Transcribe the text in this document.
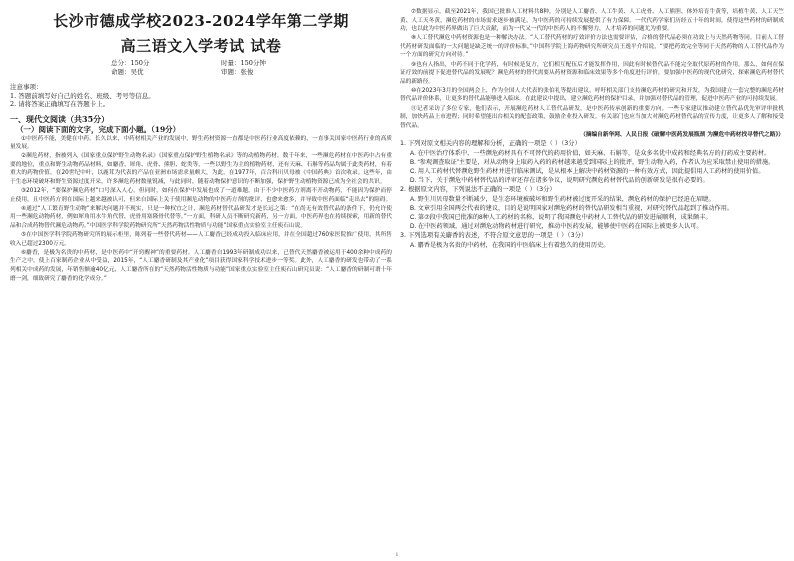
长沙市德成学校2023-2024学年第二学期
高三语文入学考试 试卷
总分：150分	时量：150分钟
命题：吴优	审题：张俊
注意事项：
1. 答题前填写好自己的姓名、班级、考号等信息。
2. 请将答案正确填写在答题卡上。
一、现代文阅读（共35分）
（一）阅读下面的文字，完成下面小题。（19分）

①中医药不能，美健在中药。长久以来，中药材相关产业的发展中，野生药材资源一直都是中医药行业高度依赖的，一直事关国家中医药行业的高质量发展。

②濒危药材，指被列入《国家重点保护野生动物名录》《国家重点保护野生植物名录》等的动植物药材。数千年来，一些濒危药材在中医药中占有重要的地位，重点和野生动物药品材料，如麝香、犀角、虎骨、熊胆、蛇类等，一些以野生为主的植物药材，还有天麻、石斛等药品均属于此类药材，有着重大的药物价值。在20世纪中叶，以鹿茸为代表的产品在亚洲市场需求量颇大，为此，在1977年，百合科川贝母被《中国药典》首次收录。这些年，由于生态环境破坏和野生资源过度开采，许多濒危药材数量锐减，与此同时，随着动物保护意识的不断加强，保护野生动植物资源已成为全社会的共识。

③2012年，“要保护濒危药材”口号深入人心，但同时，如何在保护中发展也成了一道难题。由于不少中医药方剂离不开动物药，不能因为保护而停止使用，且中医药方剂在国际上越来越被认可，但来自国际上关于使用濒危动物的中医药方剂的批评，也愈来愈多，并导致中医药面临“走出去”的阻碍。

④通过“人工繁育野生动物”来解决问题并不现实，只是一种权宜之计，濒危药材替代品研发才是长远之策：“在尚无有效替代品的条件下，仍允许使用一些濒危动物药材，例如犀角用水牛角代替，虎骨用塞隆骨代替等。”一方面，科研人员不断研究新药，另一方面，中医药界也在持续探索，用新的替代品和合成药物替代濒危动物药。”中国医学科学院药物研究所“天然药物活性物质与功能”国家重点实验室主任庾石山说。

⑤在中国医学科学院药物研究所的展示柜里，陈列着一些替代药材——人工麝香已经成功投入临床应用，并在全国超过760家医院推广使用，其所售收入已超过2300万元。

⑥麝香，是极为名贵的中药材，是中医药中“开窍醒神”的重要药材。人工麝香自1993年研制成功以来，已替代天然麝香被运用于400余种中成药的生产之中，使上百家制药企业从中受益，2015年，“人工麝香研制及其产业化”项目获得国家科学技术进步一等奖。此外，人工麝香的研发也带动了一系列相关中成药的发展，年销售额逾40亿元，人工麝香所在的“天然药物活性物质与功能”国家重点实验室主任庾石山研究员说：“人工麝香的研制可谓十年磨一剑，细致研究了麝香的化学成分。”

⑦数据显示，截至2021年，我国已批准人工材料共8种，分别是人工麝香、人工牛黄、人工虎骨、人工熊胆、体外培育牛黄等，培植牛黄、人工天竺黄、人工天冬黄，濒危药材的市场需求逐步被满足，为中医药的可持续发展提供了有力保障。一代代药学家们历经五十年的时间，使得这些药材的研制成功，也以此为中医药界做出了巨大贡献，而为一代又一代的中医药人的不懈努力，人才培养的问题尤为重要。

⑧人工替代濒危中药材资源也是一种解决办法。“人工替代药材的疗效评价方法也需要评估，合格的替代品必须在功效上与天然药物等同。目前人工替代药材研发面临的一大问题是缺乏统一的评价标准，”中国科学院上海药物研究所研究员王逸平介绍说，“要把药效完全等同于天然药物的人工替代品作为一个方面的研究方向对待。”

⑨也有人指出，中药不同于化学药，有时候是复方，它们相互配伍后才能发挥作用，因此有时候替代品不能完全取代原药材的作用。那么，如何在保证疗效的前提下促进替代品的发展呢？濒危药材的替代需要从药材资源和临床效果等多个角度进行评价，要加强中医药的现代化研究，探索濒危药材替代品的新路径。

⑩在2023年3月的全国两会上，作为全国人大代表的张伯礼等提出建议，呼吁相关部门支持濒危药材的研究和开发，为我国建立一套完整的濒危药材替代品评价体系，让更多的替代品能够进入临床。在此建议中提出，建立濒危药材的保护目录，并加强对替代品的管理，促进中医药产业的可持续发展。

⑪记者采访了多位专家，他们表示，开展濒危药材人工替代品研发，是中医药传承创新的重要方向。一些专家建议推动建立替代品优先审评审批机制，加快药品上市进程；同时希望能出台相关的配套政策，鼓励企业投入研发。有关部门也应当加大对濒危药材替代品的宣传力度，让更多人了解和接受替代品。

（摘编自新华网、人民日报《破解中医药发展瓶颈 为濒危中药材找寻替代之路》）
1. 下列对原文相关内容的理解和分析，正确的一项是（ ）（3分）
A. 在中医治疗体系中，一些濒危药材具有不可替代的药用价值，如天麻、石斛等，是众多名优中成药和经典名方的打药成主要药材。
B. “参观调查取证”主要是，对从动物身上取药入药的药材越来越受到国际上的批评，野生动物入药，作者认为应采取禁止使用的措施。
C. 用人工药材代替濒危野生药材并进行临床测试，是从根本上解决中药材资源的一种有效方式，因此提倡用人工药材的使用价值。
D. 当下，关于濒危中药材替代品的评审还存在诸多争议，说明研究濒危药材替代品的创新研发是很有必要的。
2. 根据原文内容，下列说法不正确的一项是（ ）（3分）
A. 野生川贝母数量不断减少，是生态环境被破坏和野生药材被过度开采的结果，濒危药材的保护已经迫在眉睫。
B. 文章引用全国两会代表的建议，目的是说明国家对濒危药材的替代品研发相当重视，对研究替代品起到了推动作用。
C. 第⑦段中我国已批准的8种人工药材的名称，说明了我国濒危中药材人工替代品的研发进展顺利，成果颇丰。
D. 在中医药领域，通过对濒危动物药材进行研究，推动中医药发展，能够使中医药在国际上被更多人认可。
3. 下列选项有关麝香的表述，不符合原文意思的一项是（ ）（3分）
A. 麝香是极为名贵的中药材，在我国的中医临床上有着悠久的使用历史。
1
